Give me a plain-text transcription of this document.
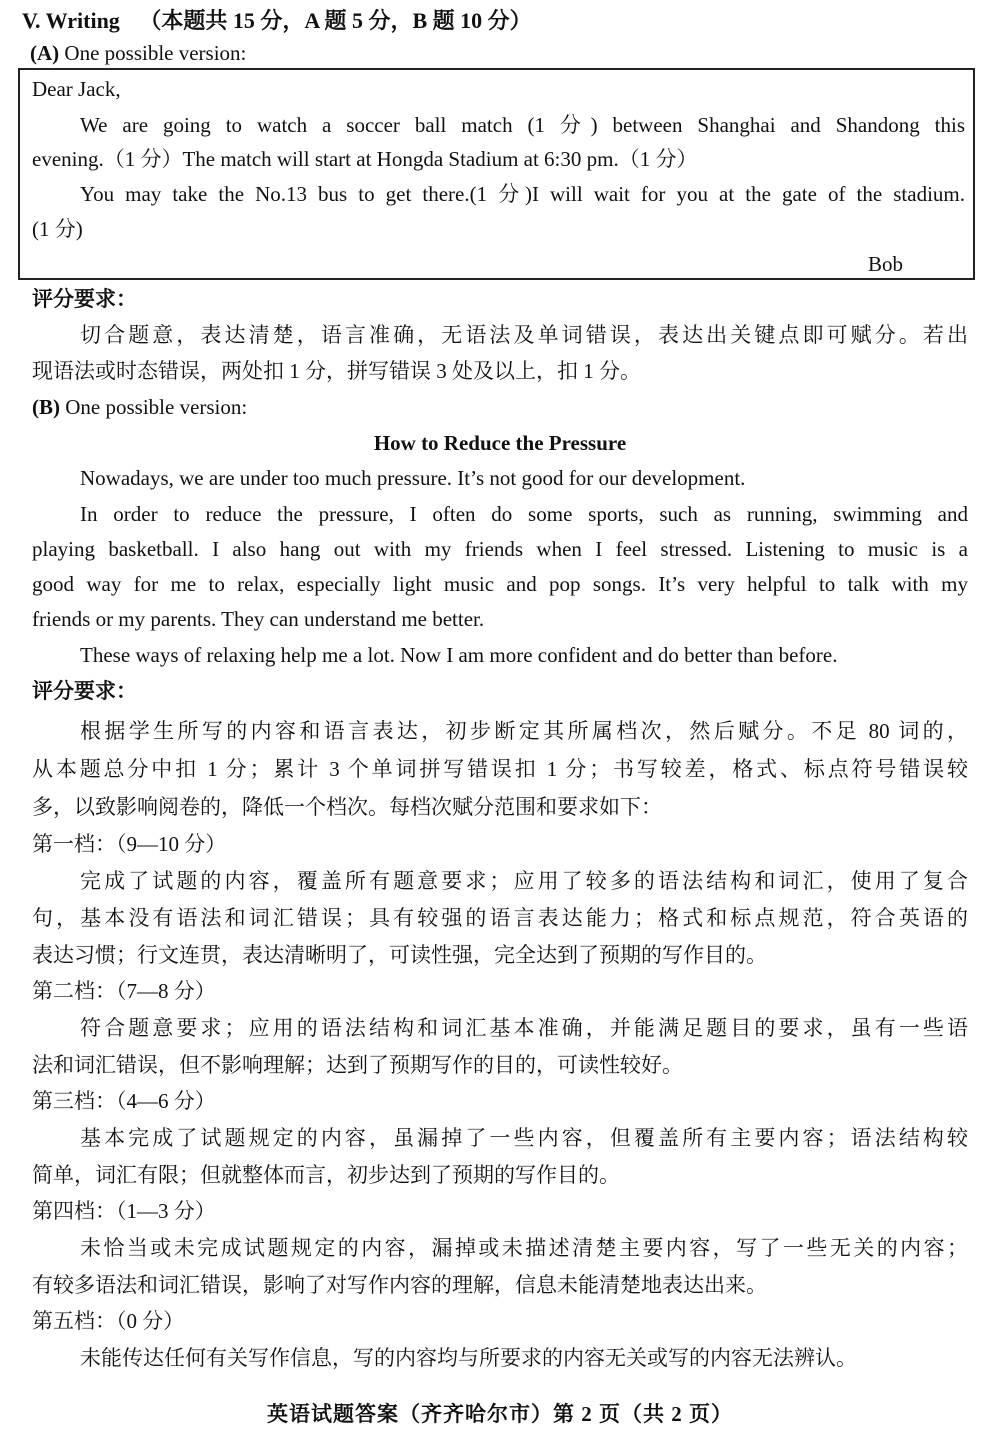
V. Writing （本题共 15 分，A 题 5 分，B 题 10 分）
(A) One possible version:
Dear Jack,
We are going to watch a soccer ball match (1 分) between Shanghai and Shandong this
evening.（1 分）The match will start at Hongda Stadium at 6:30 pm.（1 分）
You may take the No.13 bus to get there.(1 分)I will wait for you at the gate of the stadium.
(1 分)
Bob
评分要求：
切合题意，表达清楚，语言准确，无语法及单词错误，表达出关键点即可赋分。若出
现语法或时态错误，两处扣 1 分，拼写错误 3 处及以上，扣 1 分。
(B) One possible version:
How to Reduce the Pressure
Nowadays, we are under too much pressure. It’s not good for our development.
In order to reduce the pressure, I often do some sports, such as running, swimming and
playing basketball. I also hang out with my friends when I feel stressed. Listening to music is a
good way for me to relax, especially light music and pop songs. It’s very helpful to talk with my
friends or my parents. They can understand me better.
These ways of relaxing help me a lot. Now I am more confident and do better than before.
评分要求：
根据学生所写的内容和语言表达，初步断定其所属档次，然后赋分。不足 80 词的，
从本题总分中扣 1 分；累计 3 个单词拼写错误扣 1 分；书写较差，格式、标点符号错误较
多，以致影响阅卷的，降低一个档次。每档次赋分范围和要求如下：
第一档：（9—10 分）
完成了试题的内容，覆盖所有题意要求；应用了较多的语法结构和词汇，使用了复合
句，基本没有语法和词汇错误；具有较强的语言表达能力；格式和标点规范，符合英语的
表达习惯；行文连贯，表达清晰明了，可读性强，完全达到了预期的写作目的。
第二档：（7—8 分）
符合题意要求；应用的语法结构和词汇基本准确，并能满足题目的要求，虽有一些语
法和词汇错误，但不影响理解；达到了预期写作的目的，可读性较好。
第三档：（4—6 分）
基本完成了试题规定的内容，虽漏掉了一些内容，但覆盖所有主要内容；语法结构较
简单，词汇有限；但就整体而言，初步达到了预期的写作目的。
第四档：（1—3 分）
未恰当或未完成试题规定的内容，漏掉或未描述清楚主要内容，写了一些无关的内容；
有较多语法和词汇错误，影响了对写作内容的理解，信息未能清楚地表达出来。
第五档：（0 分）
未能传达任何有关写作信息，写的内容均与所要求的内容无关或写的内容无法辨认。
英语试题答案（齐齐哈尔市）第 2 页（共 2 页）
